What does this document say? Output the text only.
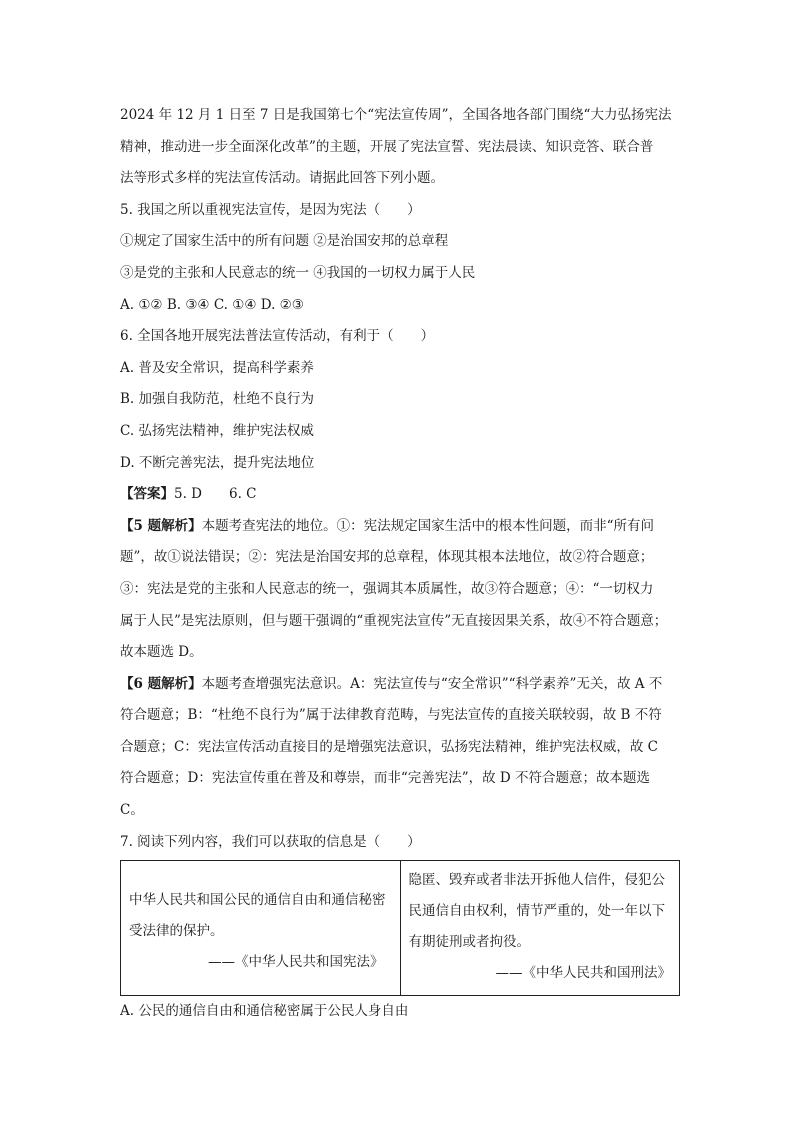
2024 年 12 月 1 日至 7 日是我国第七个“宪法宣传周”，全国各地各部门围绕“大力弘扬宪法
精神，推动进一步全面深化改革”的主题，开展了宪法宣誓、宪法晨读、知识竞答、联合普
法等形式多样的宪法宣传活动。请据此回答下列小题。
5. 我国之所以重视宪法宣传，是因为宪法（　　）
①规定了国家生活中的所有问题 ②是治国安邦的总章程
③是党的主张和人民意志的统一 ④我国的一切权力属于人民
A. ①② B. ③④ C. ①④ D. ②③
6. 全国各地开展宪法普法宣传活动，有利于（　　）
A. 普及安全常识，提高科学素养
B. 加强自我防范，杜绝不良行为
C. 弘扬宪法精神，维护宪法权威
D. 不断完善宪法，提升宪法地位
【答案】5. D　　6. C
【5 题解析】本题考查宪法的地位。①：宪法规定国家生活中的根本性问题，而非“所有问
题”，故①说法错误；②：宪法是治国安邦的总章程，体现其根本法地位，故②符合题意；
③：宪法是党的主张和人民意志的统一，强调其本质属性，故③符合题意；④：“一切权力
属于人民”是宪法原则，但与题干强调的“重视宪法宣传”无直接因果关系，故④不符合题意；
故本题选 D。
【6 题解析】本题考查增强宪法意识。A：宪法宣传与“安全常识”“科学素养”无关，故 A 不
符合题意；B：“杜绝不良行为”属于法律教育范畴，与宪法宣传的直接关联较弱，故 B 不符
合题意；C：宪法宣传活动直接目的是增强宪法意识，弘扬宪法精神，维护宪法权威，故 C
符合题意；D：宪法宣传重在普及和尊崇，而非“完善宪法”，故 D 不符合题意；故本题选
C。
7. 阅读下列内容，我们可以获取的信息是（　　）
中华人民共和国公民的通信自由和通信秘密受法律的保护。
——《中华人民共和国宪法》

隐匿、毁弃或者非法开拆他人信件，侵犯公民通信自由权利，情节严重的，处一年以下有期徒刑或者拘役。
——《中华人民共和国刑法》
A. 公民的通信自由和通信秘密属于公民人身自由
